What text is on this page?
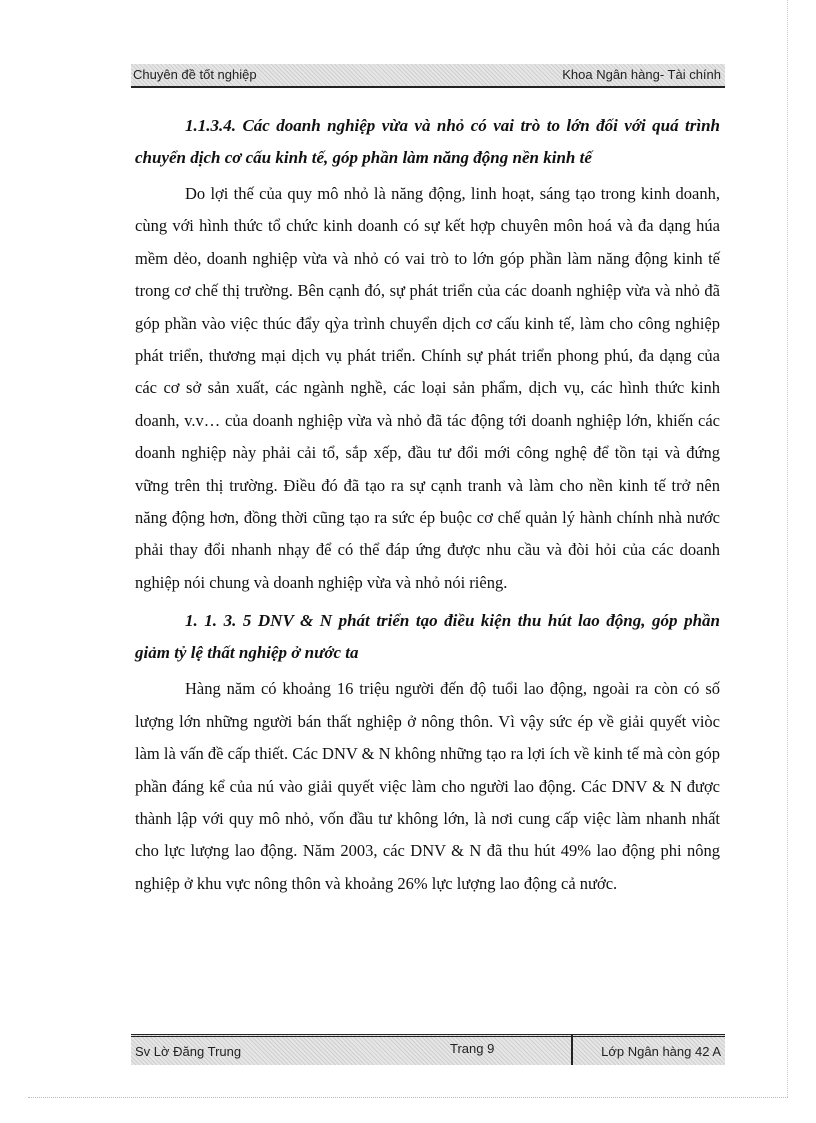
Chuyên đề tốt nghiệp	Khoa Ngân hàng- Tài chính

1.1.3.4. Các doanh nghiệp vừa và nhỏ có vai trò to lớn đối với quá trình chuyển dịch cơ cấu kinh tế, góp phần làm năng động nền kinh tế

Do lợi thế của quy mô nhỏ là năng động, linh hoạt, sáng tạo trong kinh doanh, cùng với hình thức tổ chức kinh doanh có sự kết hợp chuyên môn hoá và đa dạng húa mềm dẻo, doanh nghiệp vừa và nhỏ có vai trò to lớn góp phần làm năng động kinh tế trong cơ chế thị trường. Bên cạnh đó, sự phát triển của các doanh nghiệp vừa và nhỏ đã góp phần vào việc thúc đẩy qỳa trình chuyển dịch cơ cấu kinh tế, làm cho công nghiệp phát triển, thương mại dịch vụ phát triển. Chính sự phát triển phong phú, đa dạng của các cơ sở sản xuất, các ngành nghề, các loại sản phẩm, dịch vụ, các hình thức kinh doanh, v.v… của doanh nghiệp vừa và nhỏ đã tác động tới doanh nghiệp lớn, khiến các doanh nghiệp này phải cải tổ, sắp xếp, đầu tư đổi mới công nghệ để tồn tại và đứng vững trên thị trường. Điều đó đã tạo ra sự cạnh tranh và làm cho nền kinh tế trở nên năng động hơn, đồng thời cũng tạo ra sức ép buộc cơ chế quản lý hành chính nhà nước phải thay đổi nhanh nhạy để có thể đáp ứng được nhu cầu và đòi hỏi của các doanh nghiệp nói chung và doanh nghiệp vừa và nhỏ nói riêng.

1. 1. 3. 5 DNV & N phát triển tạo điều kiện thu hút lao động, góp phần giảm tỷ lệ thất nghiệp ở nước ta

Hàng năm có khoảng 16 triệu người đến độ tuổi lao động, ngoài ra còn có số lượng lớn những người bán thất nghiệp ở nông thôn. Vì vậy sức ép về giải quyết viòc làm là vấn đề cấp thiết. Các DNV & N không những tạo ra lợi ích về kinh tế mà còn góp phần đáng kể của nú vào giải quyết việc làm cho người lao động. Các DNV & N được thành lập với quy mô nhỏ, vốn đầu tư không lớn, là nơi cung cấp việc làm nhanh nhất cho lực lượng lao động. Năm 2003, các DNV & N đã thu hút 49% lao động phi nông nghiệp ở khu vực nông thôn và khoảng 26% lực lượng lao động cả nước.

Sv Lờ Đăng Trung	Trang 9	Lớp Ngân hàng 42 A
